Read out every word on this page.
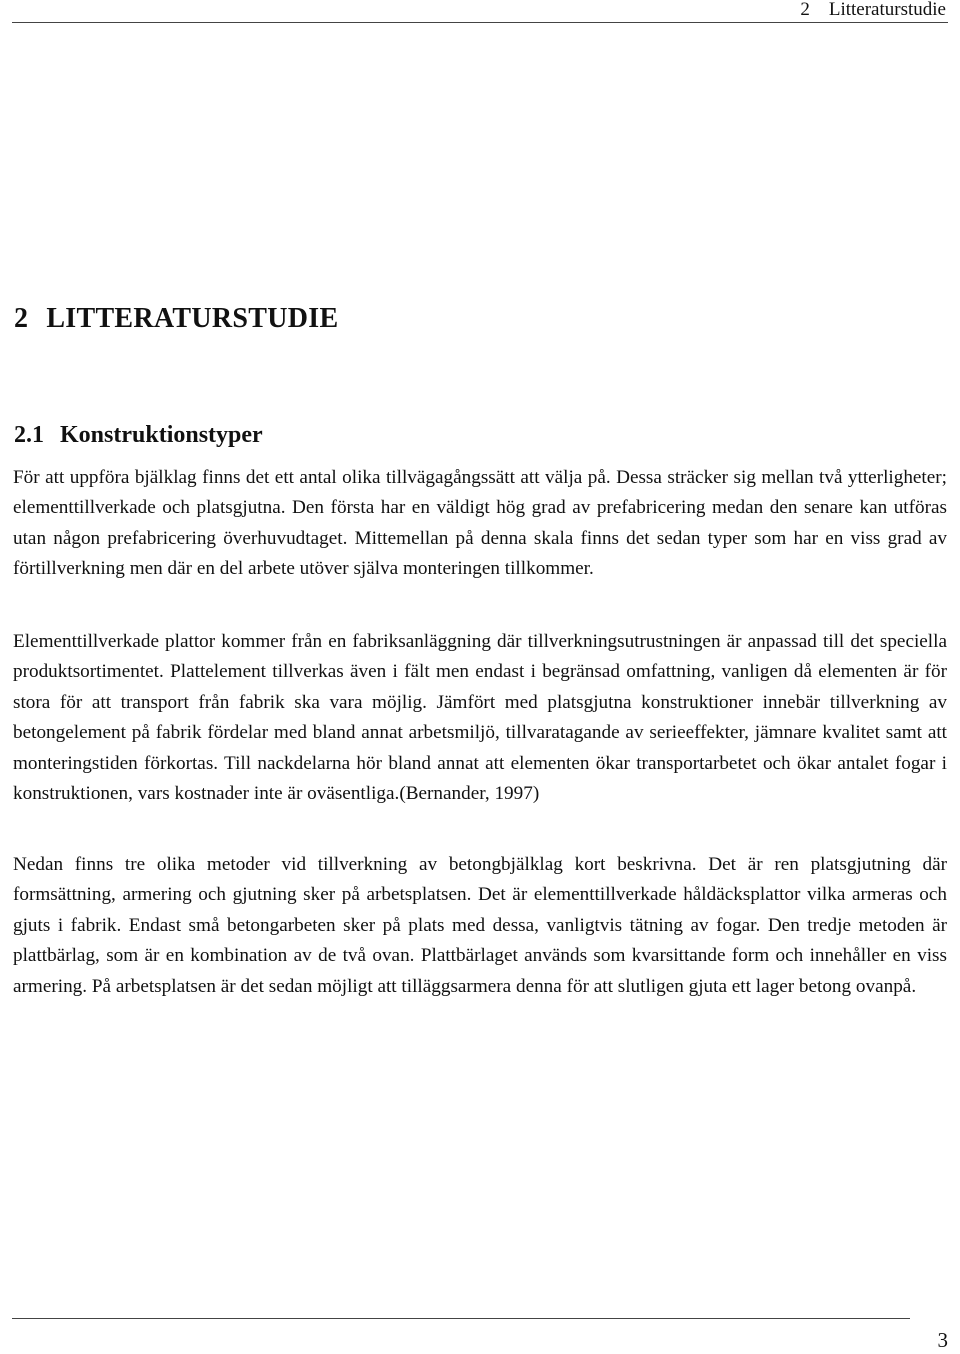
2    Litteraturstudie
2 LITTERATURSTUDIE
2.1 Konstruktionstyper

För att uppföra bjälklag finns det ett antal olika tillvägagångssätt att välja på. Dessa sträcker sig mellan två ytterligheter; elementtillverkade och platsgjutna. Den första har en väldigt hög grad av prefabricering medan den senare kan utföras utan någon prefabricering överhuvudtaget. Mittemellan på denna skala finns det sedan typer som har en viss grad av förtillverkning men där en del arbete utöver själva monteringen tillkommer.

Elementtillverkade plattor kommer från en fabriksanläggning där tillverkningsutrustningen är anpassad till det speciella produktsortimentet. Plattelement tillverkas även i fält men endast i begränsad omfattning, vanligen då elementen är för stora för att transport från fabrik ska vara möjlig. Jämfört med platsgjutna konstruktioner innebär tillverkning av betongelement på fabrik fördelar med bland annat arbetsmiljö, tillvaratagande av serieeffekter, jämnare kvalitet samt att monteringstiden förkortas. Till nackdelarna hör bland annat att elementen ökar transportarbetet och ökar antalet fogar i konstruktionen, vars kostnader inte är oväsentliga.(Bernander, 1997)

Nedan finns tre olika metoder vid tillverkning av betongbjälklag kort beskrivna. Det är ren platsgjutning där formsättning, armering och gjutning sker på arbetsplatsen. Det är elementtillverkade håldäcksplattor vilka armeras och gjuts i fabrik. Endast små betongarbeten sker på plats med dessa, vanligtvis tätning av fogar. Den tredje metoden är plattbärlag, som är en kombination av de två ovan. Plattbärlaget används som kvarsittande form och innehåller en viss armering. På arbetsplatsen är det sedan möjligt att tilläggsarmera denna för att slutligen gjuta ett lager betong ovanpå.

3
